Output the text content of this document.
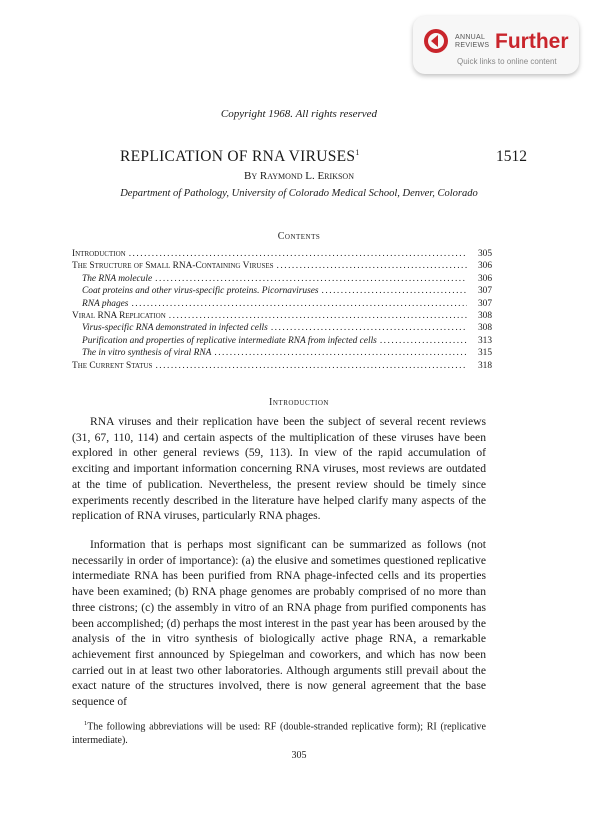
ANNUAL
REVIEWS Further
Quick links to online content
Copyright 1968. All rights reserved
REPLICATION OF RNA VIRUSES$^1$	1512
By Raymond L. Erikson
Department of Pathology, University of Colorado Medical School, Denver, Colorado
Contents
Introduction .....	305
The Structure of Small RNA-Containing Viruses .....	306
The RNA molecule .....	306
Coat proteins and other virus-specific proteins. Picornaviruses .....	307
RNA phages .....	307
Viral RNA Replication .....	308
Virus-specific RNA demonstrated in infected cells .....	308
Purification and properties of replicative intermediate RNA from infected cells .....	313
The in vitro synthesis of viral RNA .....	315
The Current Status .....	318
Introduction

RNA viruses and their replication have been the subject of several recent reviews (31, 67, 110, 114) and certain aspects of the multiplication of these viruses have been explored in other general reviews (59, 113). In view of the rapid accumulation of exciting and important information concerning RNA viruses, most reviews are outdated at the time of publication. Nevertheless, the present review should be timely since experiments recently described in the literature have helped clarify many aspects of the replication of RNA viruses, particularly RNA phages.

Information that is perhaps most significant can be summarized as follows (not necessarily in order of importance): (a) the elusive and sometimes questioned replicative intermediate RNA has been purified from RNA phage-infected cells and its properties have been examined; (b) RNA phage genomes are probably comprised of no more than three cistrons; (c) the assembly in vitro of an RNA phage from purified components has been accomplished; (d) perhaps the most interest in the past year has been aroused by the analysis of the in vitro synthesis of biologically active phage RNA, a remarkable achievement first announced by Spiegelman and coworkers, and which has now been carried out in at least two other laboratories. Although arguments still prevail about the exact nature of the structures involved, there is now general agreement that the base sequence of

$^1$The following abbreviations will be used: RF (double-stranded replicative form); RI (replicative intermediate).
305
